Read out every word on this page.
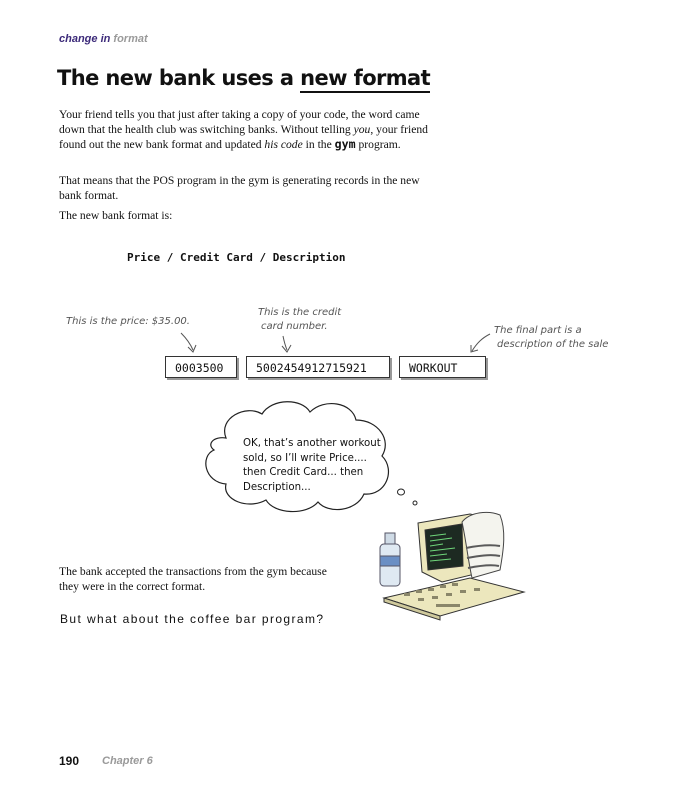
change in format
The new bank uses a new format
Your friend tells you that just after taking a copy of your code, the word came down that the health club was switching banks. Without telling you, your friend found out the new bank format and updated his code in the gym program.
That means that the POS program in the gym is generating records in the new bank format.
The new bank format is:
Price / Credit Card / Description
This is the price: $35.00.
This is the credit
card number.	The final part is a
description of the sale
0003500	5002454912715921	WORKOUT
OK, that’s another workout sold, so I’ll write Price.... then Credit Card... then Description...
The bank accepted the transactions from the gym because they were in the correct format.
But what about the coffee bar program?
190 Chapter 6
